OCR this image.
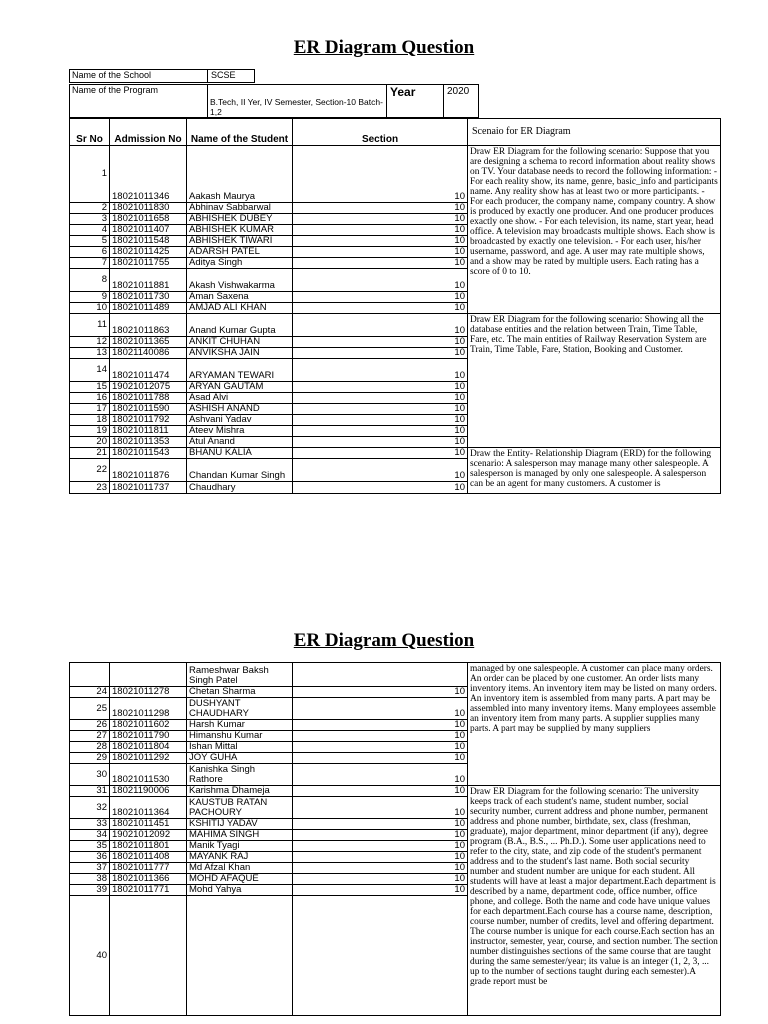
ER Diagram Question
Name of the School	SCSE
Name of the Program
B.Tech, II Yer, IV Semester, Section-10 Batch-1,2
Year	2020
Sr No	Admission No	Name of the Student	Section	Scenaio for ER Diagram
1	18021011346	Aakash Maurya	10	Draw ER Diagram for the following scenario: Suppose that you are designing a schema to record information about reality shows on TV. Your database needs to record the following information: - For each reality show, its name, genre, basic_info and participants name. Any reality show has at least two or more participants. - For each producer, the company name, company country. A show is produced by exactly one producer. And one producer produces exactly one show. - For each television, its name, start year, head office. A television may broadcasts multiple shows. Each show is broadcasted by exactly one television. - For each user, his/her username, password, and age. A user may rate multiple shows, and a show may be rated by multiple users. Each rating has a score of 0 to 10.
2	18021011830	Abhinav Sabbarwal	10	
3	18021011658	ABHISHEK DUBEY	10	
4	18021011407	ABHISHEK KUMAR	10	
5	18021011548	ABHISHEK TIWARI	10	
6	18021011425	ADARSH PATEL	10	
7	18021011755	Aditya Singh	10	
8	18021011881	Akash Vishwakarma	10	
9	18021011730	Aman Saxena	10	
10	18021011489	AMJAD ALI KHAN	10	
11	18021011863	Anand Kumar Gupta	10	Draw ER Diagram for the following scenario: Showing all the database entities and the relation between Train, Time Table, Fare, etc. The main entities of Railway Reservation System are Train, Time Table, Fare, Station, Booking and Customer.
12	18021011365	ANKIT CHUHAN	10	
13	18021140086	ANVIKSHA JAIN	10	
14	18021011474	ARYAMAN TEWARI	10	
15	19021012075	ARYAN GAUTAM	10	
16	18021011788	Asad Alvi	10	
17	18021011590	ASHISH ANAND	10	
18	18021011792	Ashvani Yadav	10	
19	18021011811	Ateev Mishra	10	
20	18021011353	Atul Anand	10	
21	18021011543	BHANU KALIA	10	Draw the Entity- Relationship Diagram (ERD) for the following scenario: A salesperson may manage many other salespeople. A salesperson is managed by only one salespeople. A salesperson can be an agent for many customers. A customer is
22	18021011876	Chandan Kumar Singh	10	
23	18021011737	Chaudhary	10	
ER Diagram Question
		Rameshwar Baksh Singh Patel		managed by one salespeople. A customer can place many orders. An order can be placed by one customer. An order lists many inventory items. An inventory item may be listed on many orders. An inventory item is assembled from many parts. A part may be assembled into many inventory items. Many employees assemble an inventory item from many parts. A supplier supplies many parts. A part may be supplied by many suppliers
24	18021011278	Chetan Sharma	10	
25	18021011298	DUSHYANT CHAUDHARY	10	
26	18021011602	Harsh Kumar	10	
27	18021011790	Himanshu Kumar	10	
28	18021011804	Ishan Mittal	10	
29	18021011292	JOY GUHA	10	
30	18021011530	Kanishka Singh Rathore	10	
31	18021190006	Karishma Dhameja	10	Draw ER Diagram for the following scenario: The university keeps track of each student's name, student number, social security number, current address and phone number, permanent address and phone number, birthdate, sex, class (freshman, graduate), major department, minor department (if any), degree program (B.A., B.S., ... Ph.D.). Some user applications need to refer to the city, state, and zip code of the student's permanent address and to the student's last name. Both social security number and student number are unique for each student. All students will have at least a major department.Each department is described by a name, department code, office number, office phone, and college. Both the name and code have unique values for each department.Each course has a course name, description, course number, number of credits, level and offering department. The course number is unique for each course.Each section has an instructor, semester, year, course, and section number. The section number distinguishes sections of the same course that are taught during the same semester/year; its value is an integer (1, 2, 3, ... up to the number of sections taught during each semester).A grade report must be
32	18021011364	KAUSTUB RATAN PACHOURY	10	
33	18021011451	KSHITIJ YADAV	10	
34	19021012092	MAHIMA SINGH	10	
35	18021011801	Manik Tyagi	10	
36	18021011408	MAYANK RAJ	10	
37	18021011777	Md Afzal Khan	10	
38	18021011366	MOHD AFAQUE	10	
39	18021011771	Mohd Yahya	10	
40				
